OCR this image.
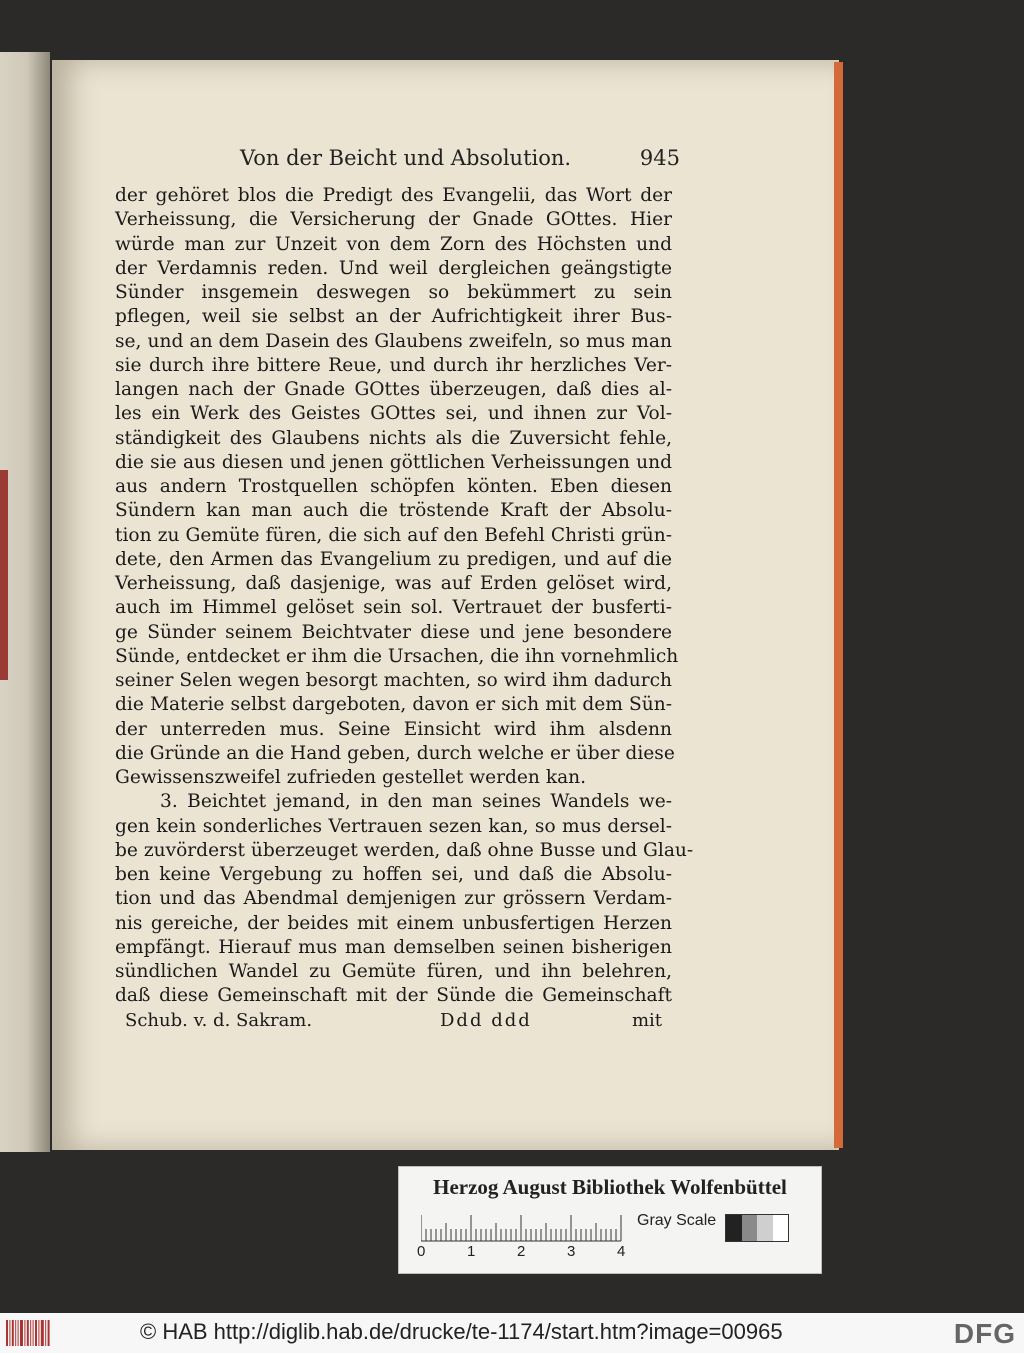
Von der Beicht und Absolution.	945
der gehöret blos die Predigt des Evangelii, das Wort der
Verheissung, die Versicherung der Gnade GOttes. Hier
würde man zur Unzeit von dem Zorn des Höchsten und
der Verdamnis reden. Und weil dergleichen geängstigte
Sünder insgemein deswegen so bekümmert zu sein
pflegen, weil sie selbst an der Aufrichtigkeit ihrer Bus-
se, und an dem Dasein des Glaubens zweifeln, so mus man
sie durch ihre bittere Reue, und durch ihr herzliches Ver-
langen nach der Gnade GOttes überzeugen, daß dies al-
les ein Werk des Geistes GOttes sei, und ihnen zur Vol-
ständigkeit des Glaubens nichts als die Zuversicht fehle,
die sie aus diesen und jenen göttlichen Verheissungen und
aus andern Trostquellen schöpfen könten. Eben diesen
Sündern kan man auch die tröstende Kraft der Absolu-
tion zu Gemüte füren, die sich auf den Befehl Christi grün-
dete, den Armen das Evangelium zu predigen, und auf die
Verheissung, daß dasjenige, was auf Erden gelöset wird,
auch im Himmel gelöset sein sol. Vertrauet der busferti-
ge Sünder seinem Beichtvater diese und jene besondere
Sünde, entdecket er ihm die Ursachen, die ihn vornehmlich
seiner Selen wegen besorgt machten, so wird ihm dadurch
die Materie selbst dargeboten, davon er sich mit dem Sün-
der unterreden mus. Seine Einsicht wird ihm alsdenn
die Gründe an die Hand geben, durch welche er über diese
Gewissenszweifel zufrieden gestellet werden kan.
3. Beichtet jemand, in den man seines Wandels we-
gen kein sonderliches Vertrauen sezen kan, so mus dersel-
be zuvörderst überzeuget werden, daß ohne Busse und Glau-
ben keine Vergebung zu hoffen sei, und daß die Absolu-
tion und das Abendmal demjenigen zur grössern Verdam-
nis gereiche, der beides mit einem unbusfertigen Herzen
empfängt. Hierauf mus man demselben seinen bisherigen
sündlichen Wandel zu Gemüte füren, und ihn belehren,
daß diese Gemeinschaft mit der Sünde die Gemeinschaft
Schub. v. d. Sakram.	Ddd ddd	mit
Herzog August Bibliothek Wolfenbüttel
0	1	2	3	4
Gray Scale
© HAB http://diglib.hab.de/drucke/te-1174/start.htm?image=00965	DFG
